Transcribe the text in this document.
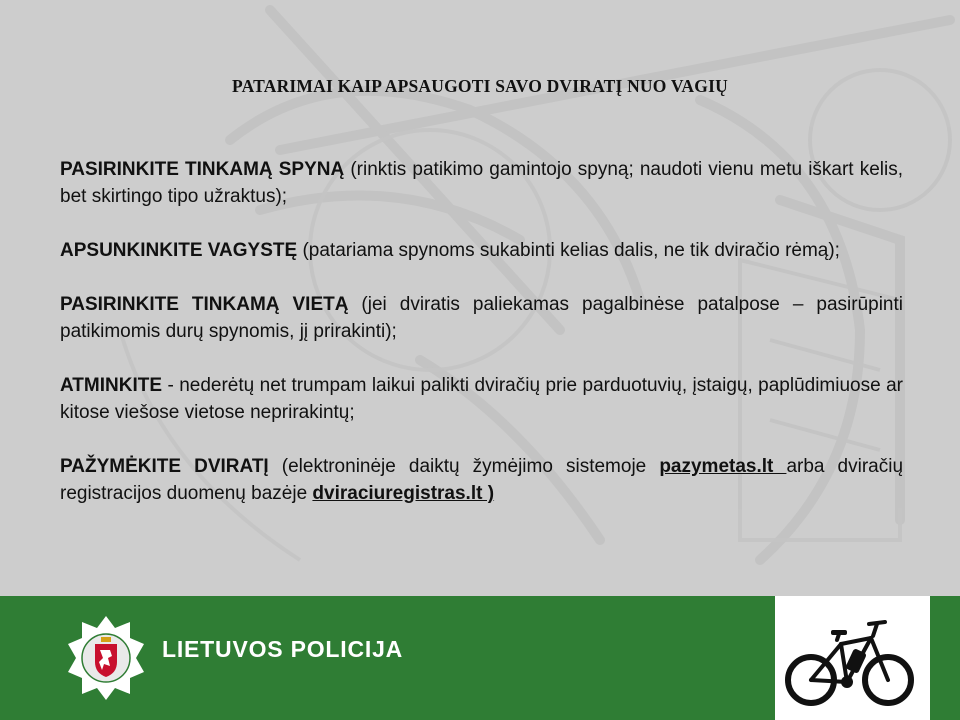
PATARIMAI KAIP APSAUGOTI SAVO DVIRATĮ NUO VAGIŲ

PASIRINKITE TINKAMĄ SPYNĄ (rinktis patikimo gamintojo spyną; naudoti vienu metu iškart kelis, bet skirtingo tipo užraktus);

APSUNKINKITE VAGYSTĘ (patariama spynoms sukabinti kelias dalis, ne tik dviračio rėmą);

PASIRINKITE TINKAMĄ VIETĄ (jei dviratis paliekamas pagalbinėse patalpose – pasirūpinti patikimomis durų spynomis, jį prirakinti);

ATMINKITE - nederėtų net trumpam laikui palikti dviračių prie parduotuvių, įstaigų, paplūdimiuose ar kitose viešose vietose neprirakintų;

PAŽYMĖKITE DVIRATĮ (elektroninėje daiktų žymėjimo sistemoje pazymetas.lt arba dviračių registracijos duomenų bazėje dviraciuregistras.lt )

LIETUVOS POLICIJA
